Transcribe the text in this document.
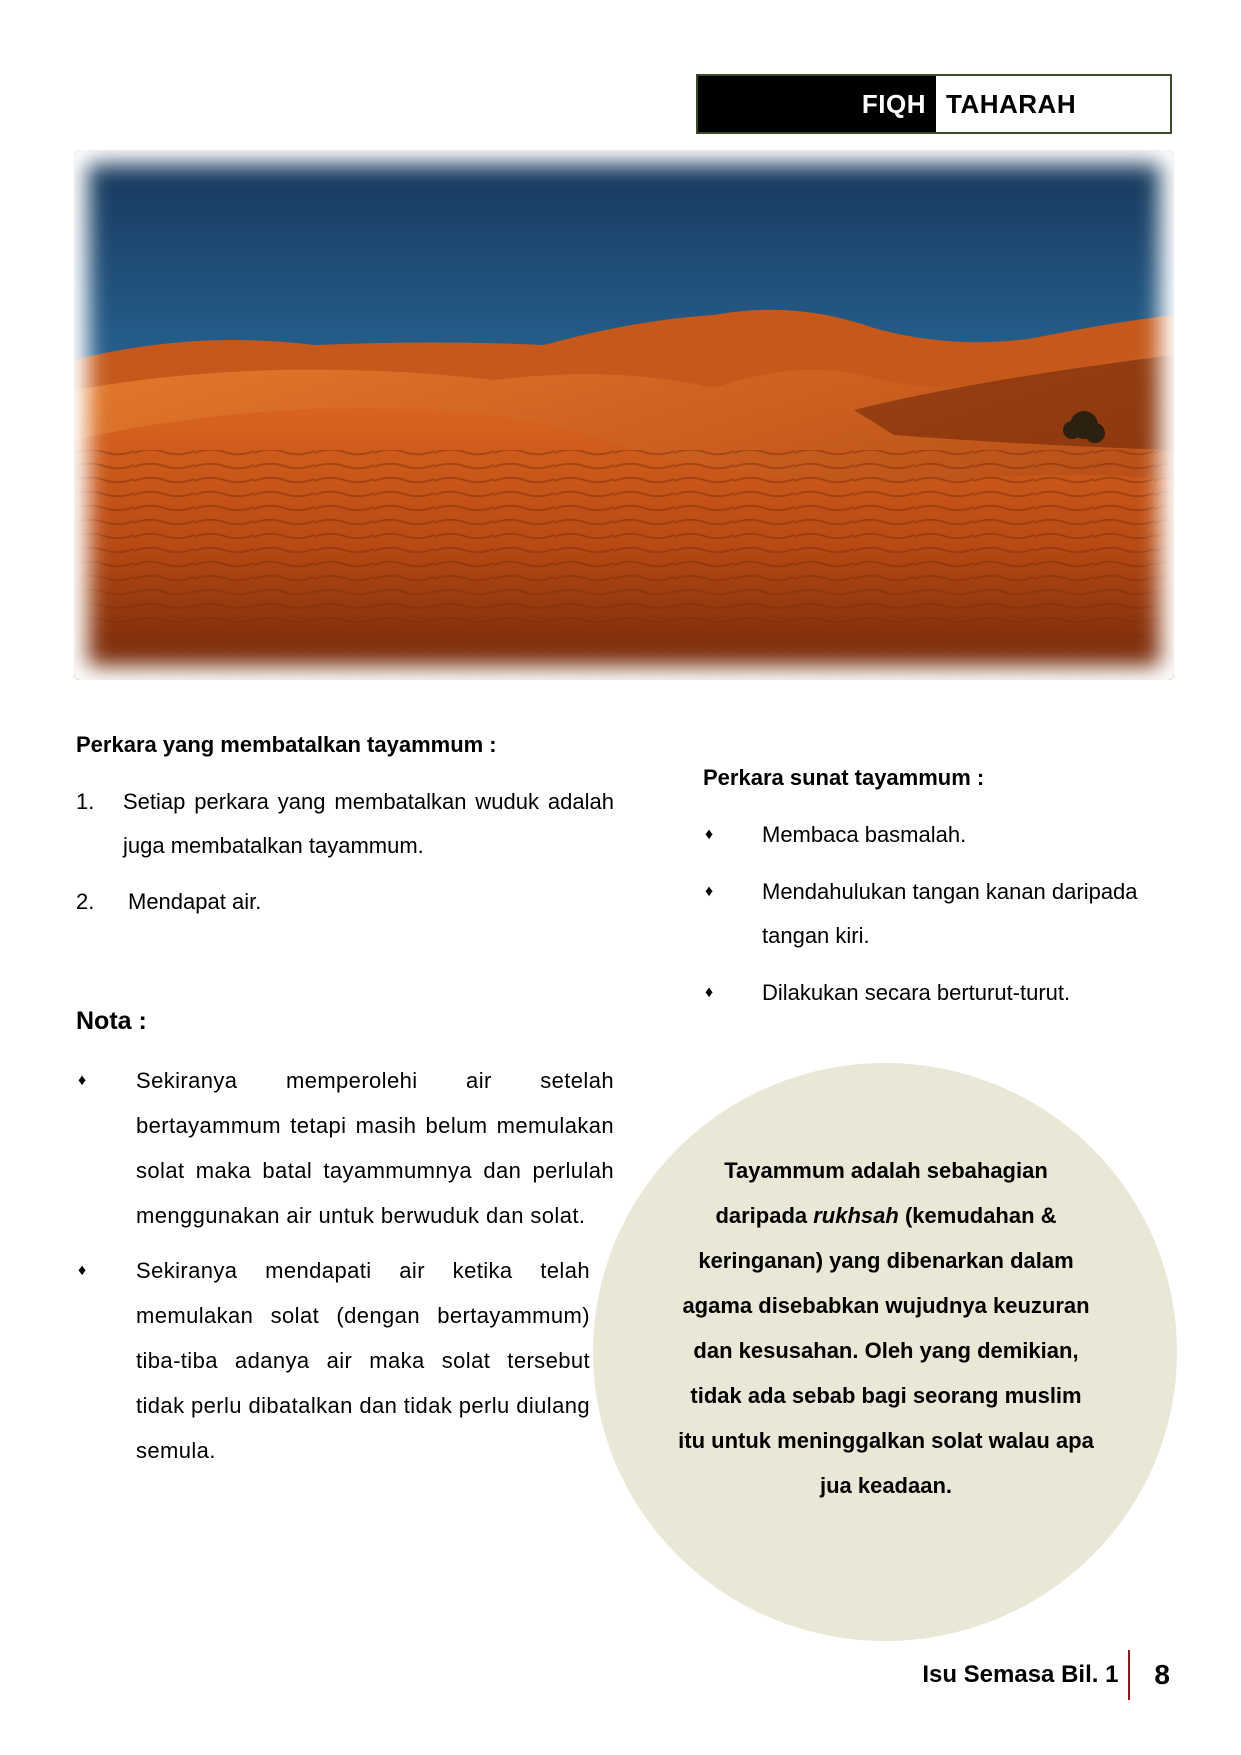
FIQH TAHARAH

Perkara yang membatalkan tayammum :

1. Setiap perkara yang membatalkan wuduk adalah juga membatalkan tayammum.
2. Mendapat air.

Nota :

♦ Sekiranya memperolehi air setelah bertayammum tetapi masih belum memulakan solat maka batal tayammumnya dan perlulah menggunakan air untuk berwuduk dan solat.
♦ Sekiranya mendapati air ketika telah memulakan solat (dengan bertayammum) tiba-tiba adanya air maka solat tersebut tidak perlu dibatalkan dan tidak perlu diulang semula.

Perkara sunat tayammum :

♦ Membaca basmalah.
♦ Mendahulukan tangan kanan daripada tangan kiri.
♦ Dilakukan secara berturut-turut.
Tayammum adalah sebahagian daripada rukhsah (kemudahan & keringanan) yang dibenarkan dalam agama disebabkan wujudnya keuzuran dan kesusahan. Oleh yang demikian, tidak ada sebab bagi seorang muslim itu untuk meninggalkan solat walau apa jua keadaan.
Isu Semasa Bil. 1	8
